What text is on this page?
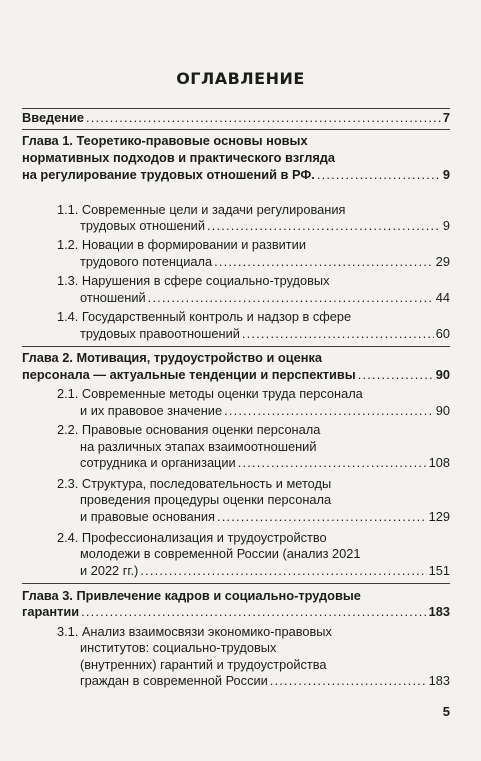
ОГЛАВЛЕНИЕ
Введение .....	7
Глава 1. Теоретико-правовые основы новых
нормативных подходов и практического взгляда
на регулирование трудовых отношений в РФ. .....	9
1.1. Современные цели и задачи регулирования
трудовых отношений .....	9
1.2. Новации в формировании и развитии
трудового потенциала .....	29
1.3. Нарушения в сфере социально-трудовых
отношений .....	44
1.4. Государственный контроль и надзор в сфере
трудовых правоотношений .....	60
Глава 2. Мотивация, трудоустройство и оценка
персонала — актуальные тенденции и перспективы .....	90
2.1. Современные методы оценки труда персонала
и их правовое значение .....	90
2.2. Правовые основания оценки персонала
на различных этапах взаимоотношений
сотрудника и организации .....	108
2.3. Структура, последовательность и методы
проведения процедуры оценки персонала
и правовые основания .....	129
2.4. Профессионализация и трудоустройство
молодежи в современной России (анализ 2021
и 2022 гг.) .....	151
Глава 3. Привлечение кадров и социально-трудовые
гарантии .....	183
3.1. Анализ взаимосвязи экономико-правовых
институтов: социально-трудовых
(внутренних) гарантий и трудоустройства
граждан в современной России .....	183
5
